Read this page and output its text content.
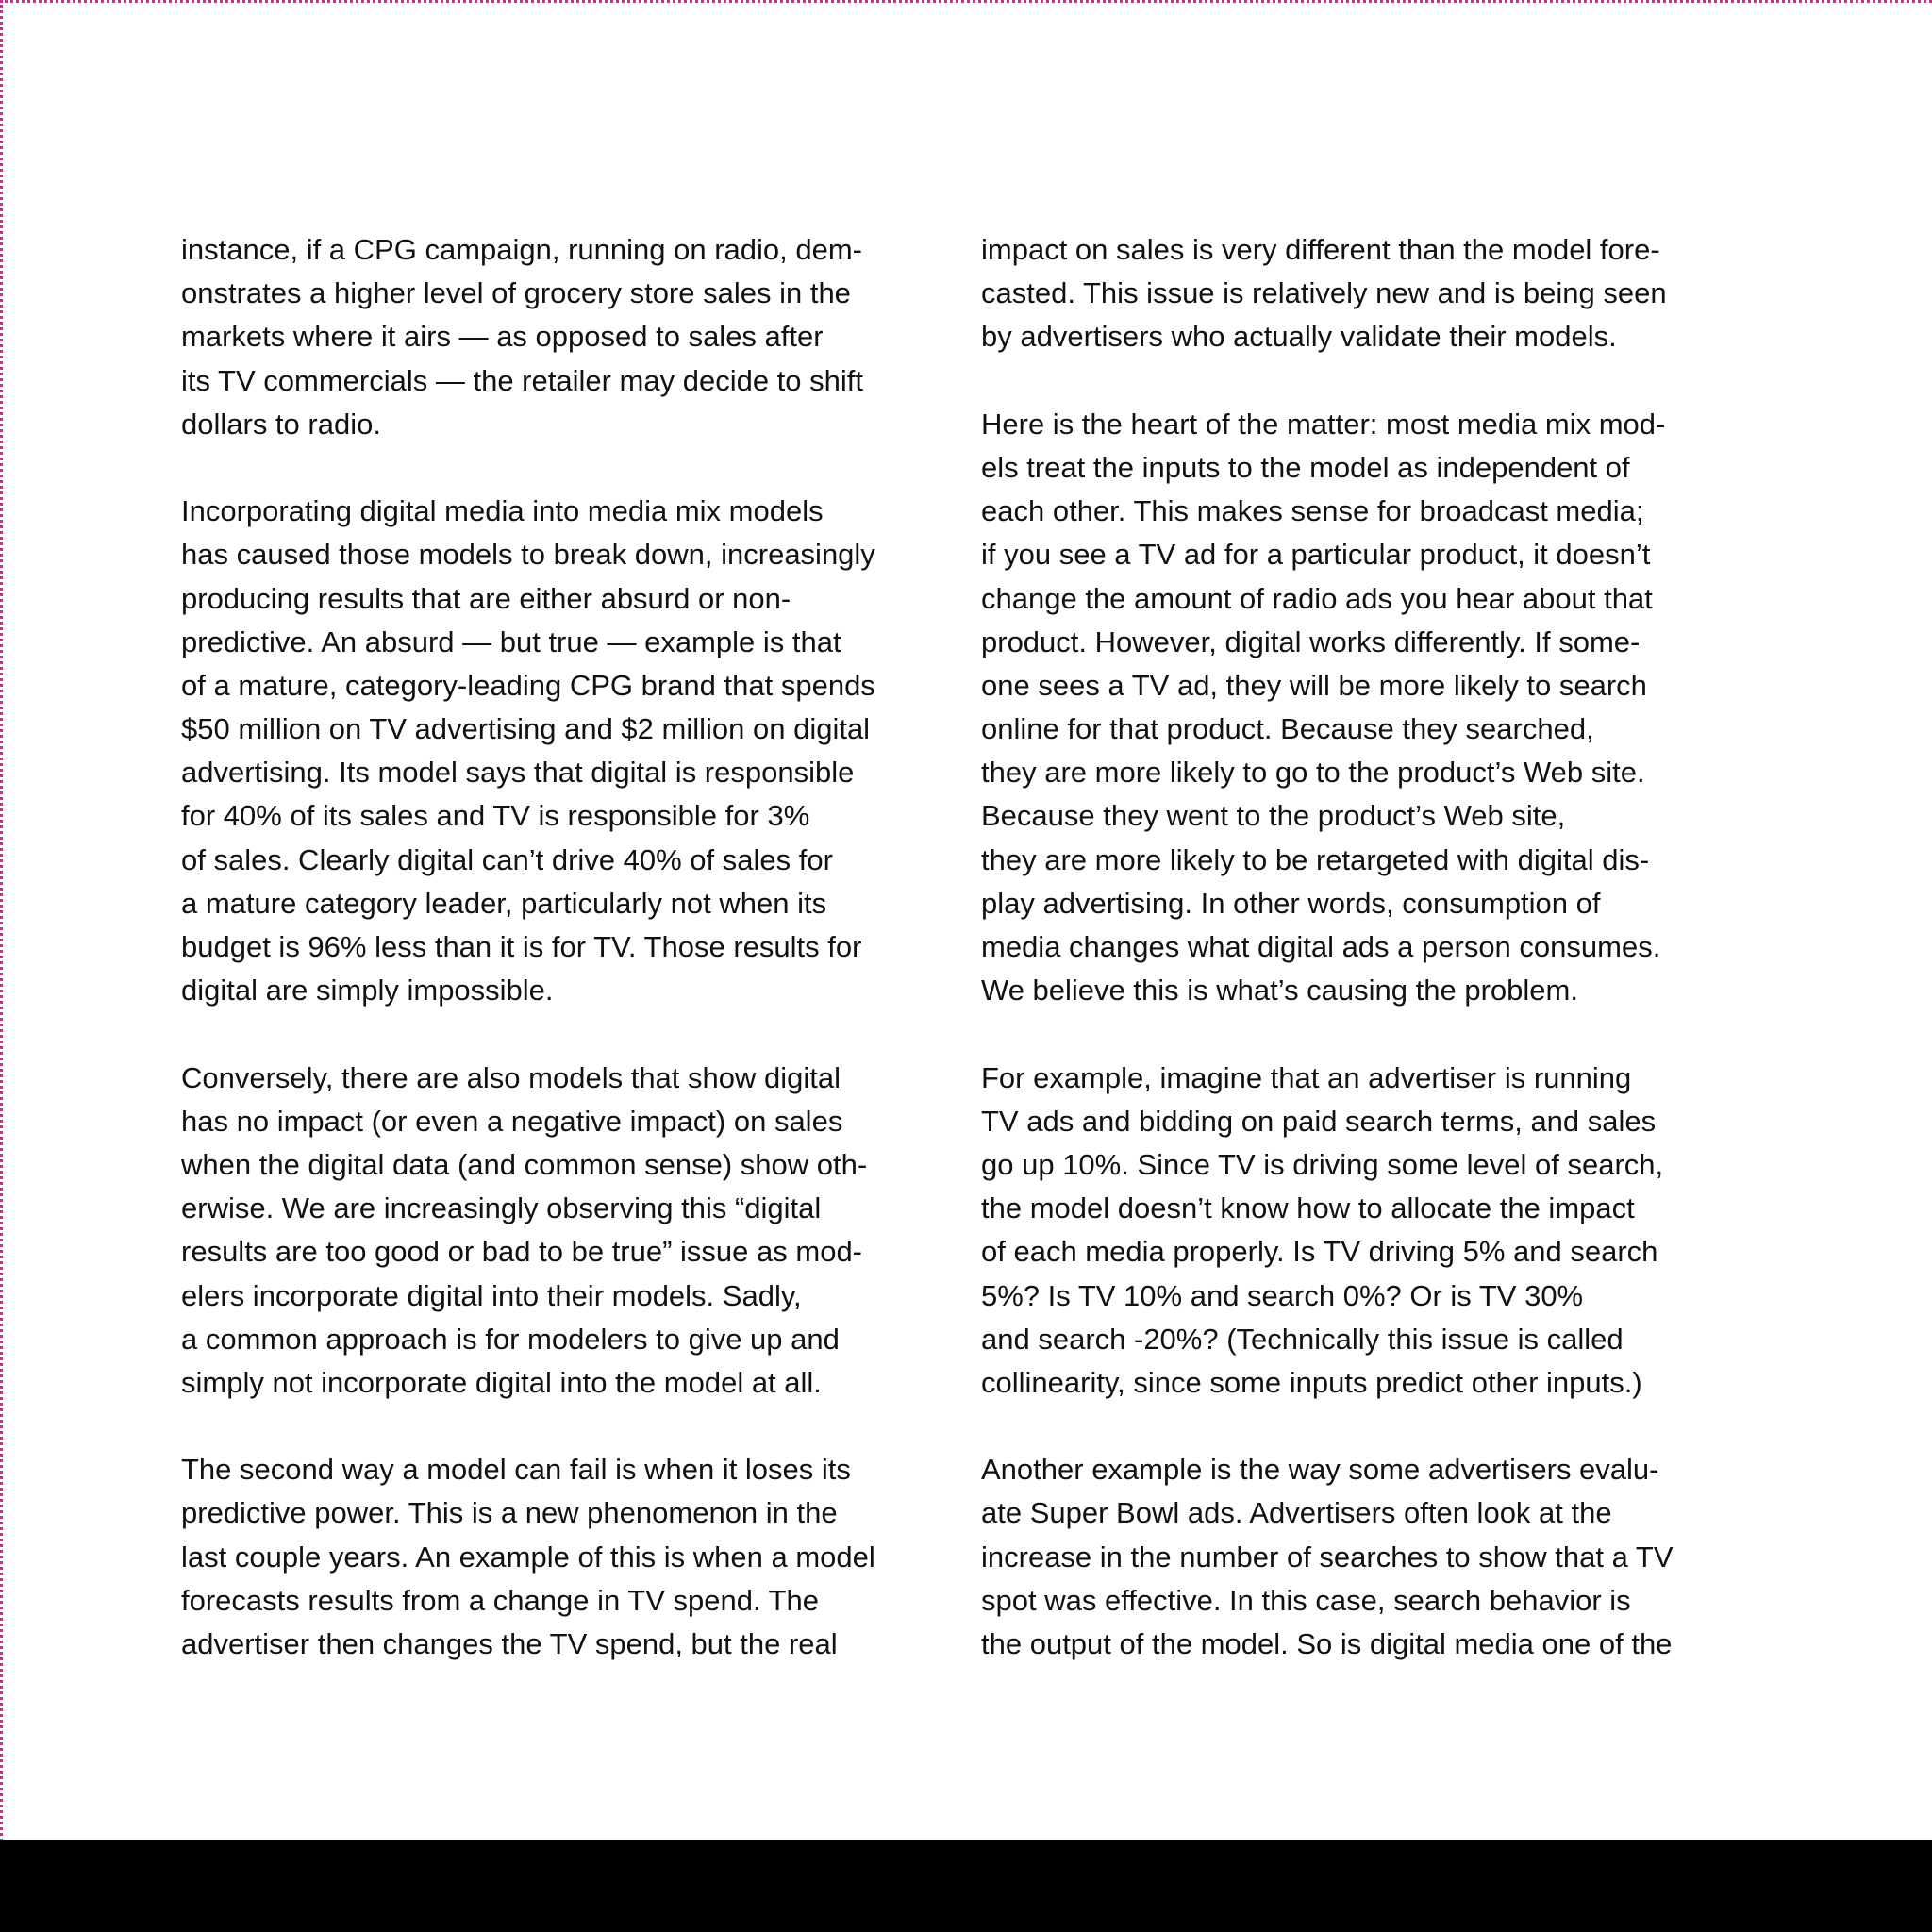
instance, if a CPG campaign, running on radio, dem-
onstrates a higher level of grocery store sales in the
markets where it airs — as opposed to sales after
its TV commercials — the retailer may decide to shift
dollars to radio.
Incorporating digital media into media mix models
has caused those models to break down, increasingly
producing results that are either absurd or non-
predictive. An absurd — but true — example is that
of a mature, category-leading CPG brand that spends
$50 million on TV advertising and $2 million on digital
advertising. Its model says that digital is responsible
for 40% of its sales and TV is responsible for 3%
of sales. Clearly digital can’t drive 40% of sales for
a mature category leader, particularly not when its
budget is 96% less than it is for TV. Those results for
digital are simply impossible.
Conversely, there are also models that show digital
has no impact (or even a negative impact) on sales
when the digital data (and common sense) show oth-
erwise. We are increasingly observing this “digital
results are too good or bad to be true” issue as mod-
elers incorporate digital into their models. Sadly,
a common approach is for modelers to give up and
simply not incorporate digital into the model at all.
The second way a model can fail is when it loses its
predictive power. This is a new phenomenon in the
last couple years. An example of this is when a model
forecasts results from a change in TV spend. The
advertiser then changes the TV spend, but the real
impact on sales is very different than the model fore-
casted. This issue is relatively new and is being seen
by advertisers who actually validate their models.
Here is the heart of the matter: most media mix mod-
els treat the inputs to the model as independent of
each other. This makes sense for broadcast media;
if you see a TV ad for a particular product, it doesn’t
change the amount of radio ads you hear about that
product. However, digital works differently. If some-
one sees a TV ad, they will be more likely to search
online for that product. Because they searched,
they are more likely to go to the product’s Web site.
Because they went to the product’s Web site,
they are more likely to be retargeted with digital dis-
play advertising. In other words, consumption of
media changes what digital ads a person consumes.
We believe this is what’s causing the problem.
For example, imagine that an advertiser is running
TV ads and bidding on paid search terms, and sales
go up 10%. Since TV is driving some level of search,
the model doesn’t know how to allocate the impact
of each media properly. Is TV driving 5% and search
5%? Is TV 10% and search 0%? Or is TV 30%
and search -20%? (Technically this issue is called
collinearity, since some inputs predict other inputs.)
Another example is the way some advertisers evalu-
ate Super Bowl ads. Advertisers often look at the
increase in the number of searches to show that a TV
spot was effective. In this case, search behavior is
the output of the model. So is digital media one of the
